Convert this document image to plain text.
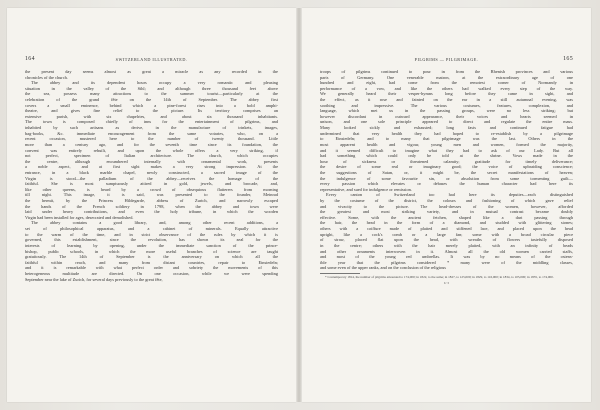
164	SWITZERLAND ILLUSTRATED.
the present day seems almost as great a miracle as any recorded in the
chronicles of the church.
The abbey and its dependent hours occupy a very romantic and pleasing
situation in the valley of the Sihl; and although three thousand feet above
the sea, possess many attractions to the summer tourist—particularly at the
celebration of the grand fête on the 14th of September. The abbey first
covers a small eminence, behind which a pine-forest rises into a bold amphi-
theatre, and gives fine relief to the picture. Its territory comprises an
extensive parish, with six chapelries, and about six thousand inhabitants.
The town is composed chiefly of inns for the entertainment of pilgrims, and
inhabited by such artisans as derive, in the manufacture of trinkets, images,
bag-books, &c. immediate encouragement from the same votaries, who, on a
recent occasion, mustered here to the number of twenty thousand. Little
more than a century ago, and for the seventh time since its foundation, the
convent was entirely rebuilt, and upon the whole offers a very striking, if
not perfect, specimen of Italian architecture. The church, which occupies
the centre, although encumbered internally with ornamental work, presents
a noble aspect, and at first sight makes a very strong impression. At the
entrance, in a black marble chapel, newly constructed, a sacred image of the
Virgin is stood—the palladium of the abbey—receives the homage of the
faithful. She is most sumptuously attired in gold, jewels, and brocade, and,
like other queens, is heard by a crowd of obsequious flatterers from morning
till night. This image, it is said, was presented to the founder, Meinrad
the hermit, by the Princess Hildegarde, abbess of Zurich, and narrowly escaped
the hands of the French soldiery in 1798, when the abbey and town were
laid under heavy contributions, and even the holy tribune, in which the wooden
Virgin had been installed for ages, desecrated and demolished.
The abbey contains a good library, and, among other recent additions, a
set of philosophical apparatus, and a cabinet of minerals. Equally attractive
to the warm of the time, and in strict observance of the rules by which it is
governed, this establishment, since the revolution, has shown its zeal for the
interests of learning by opening, under the immediate sanction of the prince-
bishop, public schools, in which the more useful branches of science are taught
gratuitously. The 14th of September is the anniversary on which all the
faithful within reach, and many from distant countries, repair to Einsiedeln;
and it is remarkable with what perfect order and sobriety the movements of this
heterogeneous multitude are directed. On one occasion, while we were spending
September near the lake of Zurich, for several days previously to the great fête,
PILGRIMS — PILGRIMAGE.	165
troops of pilgrims continued to pour in from the Rhenish provinces and various
parts of Germany. One venerable matron, at the extraordinary age of one
hundred and eight, had come from the remotest corner of Normandy in
performance of a vow, and like the others had walked every step of the way.
We generally heard their vesper-hymns long before they came in sight, and
the effect, as it rose and fainted on the ear in a still autumnal evening, was
soothing and impressive. The various costumes, features, complexion, and
language, which met us in the passing groups, were no less striking; but
however discordant in outward appearance, their voices and hearts seemed in
unison, and one sole principle appeared to direct and regulate the entire mass.
Many looked sickly and exhausted; long fasts and continued fatigue had
undermined that very health they had hoped to re-establish by a pilgrimage
to Einsiedeln; and to many that pilgrimage was the last. Others in the
most apparent health and vigour, young men and women, formed the majority,
and it seemed difficult to imagine what they had to ask of our Lady. But all
had something which could only be told at the shrine. Vows made in the
hour of sickness or threatened calamity; gratitude for timely deliverance;
the desire of some real or imaginary good; the voice of upbraiding conscience;
the suggestions of Satan, or, it might be, the secret manifestations of heaven;
the indulgence of some favourite sin, or absolution from some tormenting guilt—
every passion which elevates or debases the human character had here its
representative, and sued for indulgence or remission.
Every canton of Switzerland too had here its deputies—each distinguished
by the costume of the district, the colours and fashioning of which gave relief
and vivacity to the picture. The head-dresses of the women, however, afforded
the greatest and most striking variety, and in mutual contrast became doubly
effective. Some, with the ancient fetchen, shaped like a dart passing through
the hair, the head in the form of a diamond, and studded with glittering stones;
others with a coiffure made of plaited and stiffened lace, and placed upon the head
upright, like a cock's comb or a large fan; some with a broad circular piece
of straw, placed flat upon the head, with wreaths of flowers tastefully disposed
in the centre; others with the hair merely plaited, with an infinity of beads
and other ornaments interwoven in it. Almost all the old women carried staffs,
and most of the young red umbrellas. It was by no means of the ostens-
ible year that the pilgrims considered * many were of the middling classes,
and some even of the upper ranks, and on the conclusion of the religious
* Contemporary 1814, the number of pilgrims amounted to 174,000; in 1822, to the same; in 1827, to 125,000; in 1829, to 116,000; in 1834, to 105,000; in 1835, to 174,000.
U 3
